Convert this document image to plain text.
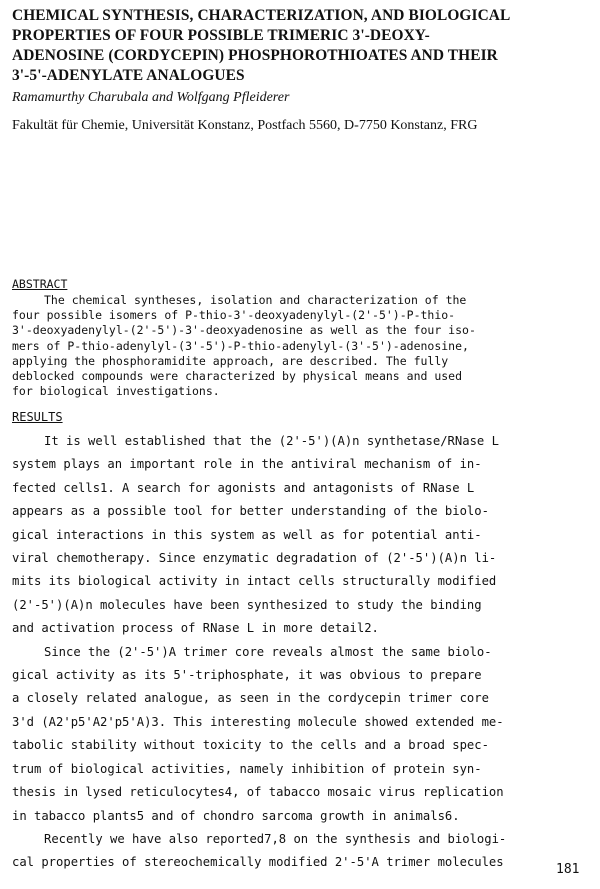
CHEMICAL SYNTHESIS, CHARACTERIZATION, AND BIOLOGICAL
PROPERTIES OF FOUR POSSIBLE TRIMERIC 3'-DEOXY-
ADENOSINE (CORDYCEPIN) PHOSPHOROTHIOATES AND THEIR
3'-5'-ADENYLATE ANALOGUES

Ramamurthy Charubala and Wolfgang Pfleiderer

Fakultät für Chemie, Universität Konstanz, Postfach 5560, D-7750 Konstanz, FRG

ABSTRACT
The chemical syntheses, isolation and characterization of the
four possible isomers of P-thio-3'-deoxyadenylyl-(2'-5')-P-thio-
3'-deoxyadenylyl-(2'-5')-3'-deoxyadenosine as well as the four iso-
mers of P-thio-adenylyl-(3'-5')-P-thio-adenylyl-(3'-5')-adenosine,
applying the phosphoramidite approach, are described. The fully
deblocked compounds were characterized by physical means and used
for biological investigations.
RESULTS
It is well established that the (2'-5')(A)n synthetase/RNase L
system plays an important role in the antiviral mechanism of in-
fected cells1. A search for agonists and antagonists of RNase L
appears as a possible tool for better understanding of the biolo-
gical interactions in this system as well as for potential anti-
viral chemotherapy. Since enzymatic degradation of (2'-5')(A)n li-
mits its biological activity in intact cells structurally modified
(2'-5')(A)n molecules have been synthesized to study the binding
and activation process of RNase L in more detail2.
Since the (2'-5')A trimer core reveals almost the same biolo-
gical activity as its 5'-triphosphate, it was obvious to prepare
a closely related analogue, as seen in the cordycepin trimer core
3'd (A2'p5'A2'p5'A)3. This interesting molecule showed extended me-
tabolic stability without toxicity to the cells and a broad spec-
trum of biological activities, namely inhibition of protein syn-
thesis in lysed reticulocytes4, of tabacco mosaic virus replication
in tabacco plants5 and of chondro sarcoma growth in animals6.
Recently we have also reported7,8 on the synthesis and biologi-
cal properties of stereochemically modified 2'-5'A trimer molecules	181
